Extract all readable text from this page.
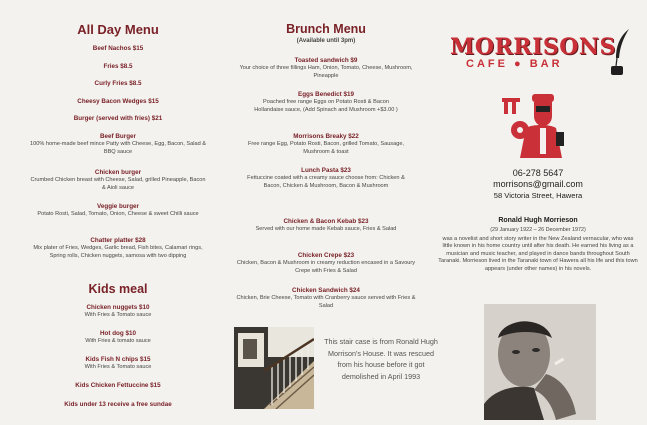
All Day Menu
Beef Nachos $15
Fries $8.5
Curly Fries $8.5
Cheesy Bacon Wedges $15
Burger (served with fries) $21
Beef Burger
100% home-made beef mince Patty with Cheese, Egg, Bacon, Salad & BBQ sauce
Chicken burger
Crumbed Chicken breast with Cheese, Salad, grilled Pineapple, Bacon & Aioli sauce
Veggie burger
Potato Rosti, Salad, Tomato, Onion, Cheese & sweet Chilli sauce
Chatter platter $28
Mix plater of Fries, Wedges, Garlic bread, Fish bites, Calamari rings, Spring rolls, Chicken nuggets, samosa with two dipping
Kids meal
Chicken nuggets $10
With Fries & Tomato sauce
Hot dog $10
With Fries & tomato sauce
Kids Fish N chips $15
With Fries & Tomato sauce
Kids Chicken Fettuccine $15
Kids under 13 receive a free sundae
Brunch Menu
(Available until 3pm)
Toasted sandwich $9
Your choice of three fillings Ham, Onion, Tomato, Cheese, Mushroom, Pineapple
Eggs Benedict $19
Poached free range Eggs on Potato Rosti & Bacon Hollandaise sauce, (Add Spinach and Mushroom +$3.00 )
Morrisons Breaky $22
Free range Egg, Potato Rosti, Bacon, grilled Tomato, Sausage, Mushroom & toast
Lunch Pasta $23
Fettuccine coated with a creamy sauce choose from: Chicken & Bacon, Chicken & Mushroom, Bacon & Mushroom
Chicken & Bacon Kebab $23
Served with our home made Kebab sauce, Fries & Salad
Chicken Crepe $23
Chicken, Bacon & Mushroom in creamy reduction encased in a Savoury Crepe with Fries & Salad
Chicken Sandwich $24
Chicken, Brie Cheese, Tomato with Cranberry sauce served with Fries & Salad
This stair case is from Ronald Hugh Morrison's House. It was rescued from his house before it got demolished in April 1993
MORRISONS
CAFE ● BAR
06-278 5647
morrisons@gmail.com
58 Victoria Street, Hawera
Ronald Hugh Morrieson
(29 January 1922 – 26 December 1972)
was a novelist and short story writer in the New Zealand vernacular, who was little known in his home country until after his death. He earned his living as a musician and music teacher, and played in dance bands throughout South Taranaki. Morrieson lived in the Taranaki town of Hawera all his life and this town appears (under other names) in his novels.
